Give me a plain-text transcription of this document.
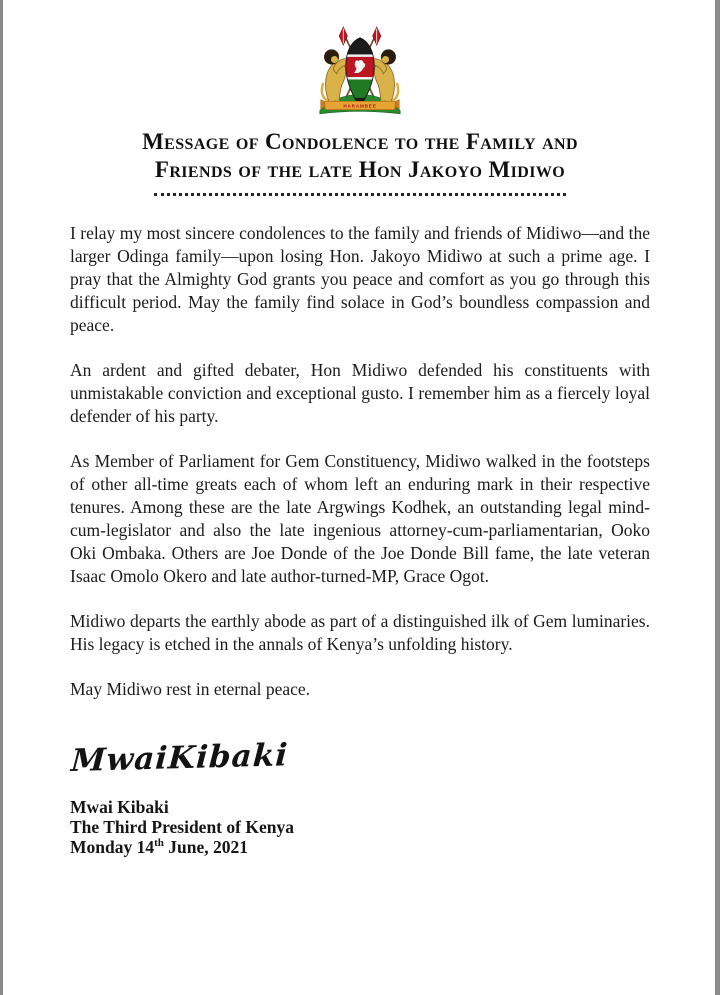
HARAMBEE
Message of Condolence to the Family and
Friends of the late Hon Jakoyo Midiwo

I relay my most sincere condolences to the family and friends of Midiwo—and the larger Odinga family—upon losing Hon. Jakoyo Midiwo at such a prime age. I pray that the Almighty God grants you peace and comfort as you go through this difficult period. May the family find solace in God’s boundless compassion and peace.

An ardent and gifted debater, Hon Midiwo defended his constituents with unmistakable conviction and exceptional gusto. I remember him as a fiercely loyal defender of his party.

As Member of Parliament for Gem Constituency, Midiwo walked in the footsteps of other all-time greats each of whom left an enduring mark in their respective tenures. Among these are the late Argwings Kodhek, an outstanding legal mind-cum-legislator and also the late ingenious attorney-cum-parliamentarian, Ooko Oki Ombaka. Others are Joe Donde of the Joe Donde Bill fame, the late veteran Isaac Omolo Okero and late author-turned-MP, Grace Ogot.

Midiwo departs the earthly abode as part of a distinguished ilk of Gem luminaries. His legacy is etched in the annals of Kenya’s unfolding history.

May Midiwo rest in eternal peace.

MwaiKibaki
Mwai Kibaki
The Third President of Kenya
Monday 14th June, 2021
